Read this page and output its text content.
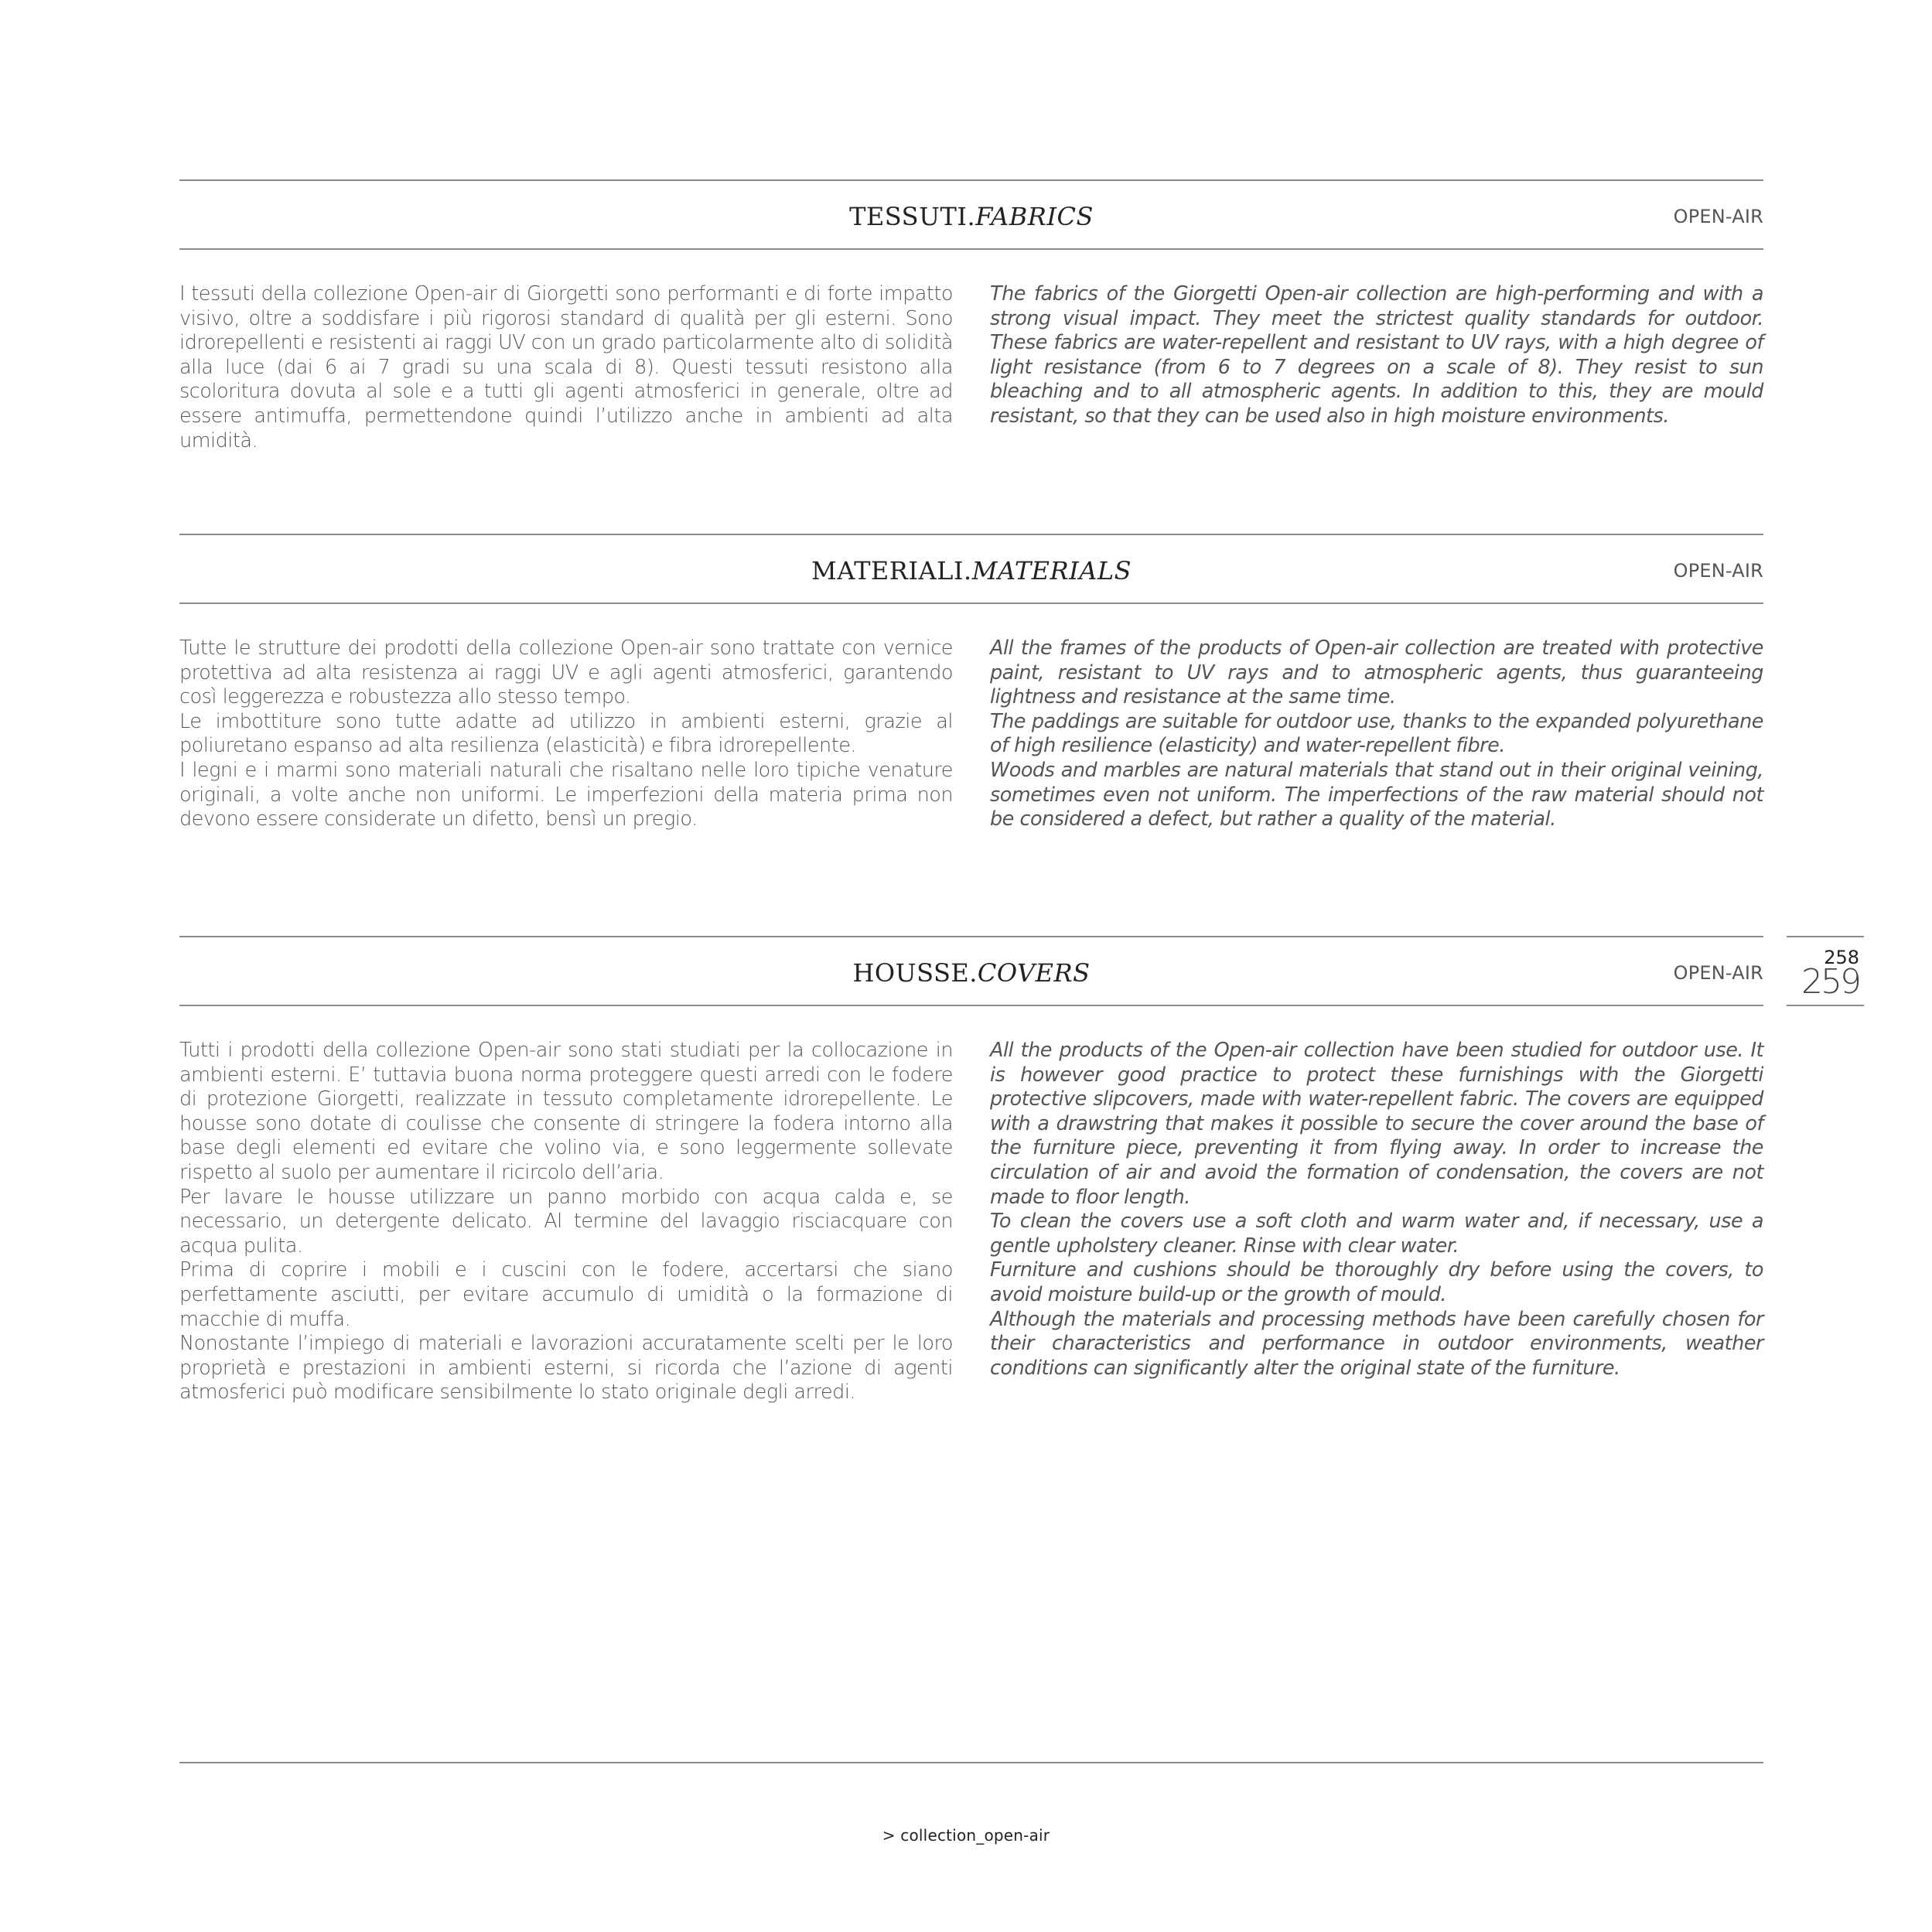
TESSUTI.FABRICS	OPEN-AIR

I tessuti della collezione Open-air di Giorgetti sono performanti e di forte impatto visivo, oltre a soddisfare i più rigorosi standard di qualità per gli esterni. Sono idrorepellenti e resistenti ai raggi UV con un grado particolarmente alto di solidità alla luce (dai 6 ai 7 gradi su una scala di 8). Questi tessuti resistono alla scoloritura dovuta al sole e a tutti gli agenti atmosferici in generale, oltre ad essere antimuffa, permettendone quindi l’utilizzo anche in ambienti ad alta umidità.

The fabrics of the Giorgetti Open-air collection are high-performing and with a strong visual impact. They meet the strictest quality standards for outdoor. These fabrics are water-repellent and resistant to UV rays, with a high degree of light resistance (from 6 to 7 degrees on a scale of 8). They resist to sun bleaching and to all atmospheric agents. In addition to this, they are mould resistant, so that they can be used also in high moisture environments.

MATERIALI.MATERIALS	OPEN-AIR

Tutte le strutture dei prodotti della collezione Open-air sono trattate con vernice protettiva ad alta resistenza ai raggi UV e agli agenti atmosferici, garantendo così leggerezza e robustezza allo stesso tempo.

Le imbottiture sono tutte adatte ad utilizzo in ambienti esterni, grazie al poliuretano espanso ad alta resilienza (elasticità) e fibra idrorepellente.

I legni e i marmi sono materiali naturali che risaltano nelle loro tipiche venature originali, a volte anche non uniformi. Le imperfezioni della materia prima non devono essere considerate un difetto, bensì un pregio.

All the frames of the products of Open-air collection are treated with protective paint, resistant to UV rays and to atmospheric agents, thus guaranteeing lightness and resistance at the same time.

The paddings are suitable for outdoor use, thanks to the expanded polyurethane of high resilience (elasticity) and water-repellent fibre.

Woods and marbles are natural materials that stand out in their original veining, sometimes even not uniform. The imperfections of the raw material should not be considered a defect, but rather a quality of the material.

HOUSSE.COVERS	OPEN-AIR

Tutti i prodotti della collezione Open-air sono stati studiati per la collocazione in ambienti esterni. E’ tuttavia buona norma proteggere questi arredi con le fodere di protezione Giorgetti, realizzate in tessuto completamente idrorepellente. Le housse sono dotate di coulisse che consente di stringere la fodera intorno alla base degli elementi ed evitare che volino via, e sono leggermente sollevate rispetto al suolo per aumentare il ricircolo dell’aria.

Per lavare le housse utilizzare un panno morbido con acqua calda e, se necessario, un detergente delicato. Al termine del lavaggio risciacquare con acqua pulita.

Prima di coprire i mobili e i cuscini con le fodere, accertarsi che siano perfettamente asciutti, per evitare accumulo di umidità o la formazione di macchie di muffa.

Nonostante l’impiego di materiali e lavorazioni accuratamente scelti per le loro proprietà e prestazioni in ambienti esterni, si ricorda che l’azione di agenti atmosferici può modificare sensibilmente lo stato originale degli arredi.

All the products of the Open-air collection have been studied for outdoor use. It is however good practice to protect these furnishings with the Giorgetti protective slipcovers, made with water-repellent fabric. The covers are equipped with a drawstring that makes it possible to secure the cover around the base of the furniture piece, preventing it from flying away. In order to increase the circulation of air and avoid the formation of condensation, the covers are not made to floor length.

To clean the covers use a soft cloth and warm water and, if necessary, use a gentle upholstery cleaner. Rinse with clear water.

Furniture and cushions should be thoroughly dry before using the covers, to avoid moisture build-up or the growth of mould.

Although the materials and processing methods have been carefully chosen for their characteristics and performance in outdoor environments, weather conditions can significantly alter the original state of the furniture.

258
259
> collection_open-air
